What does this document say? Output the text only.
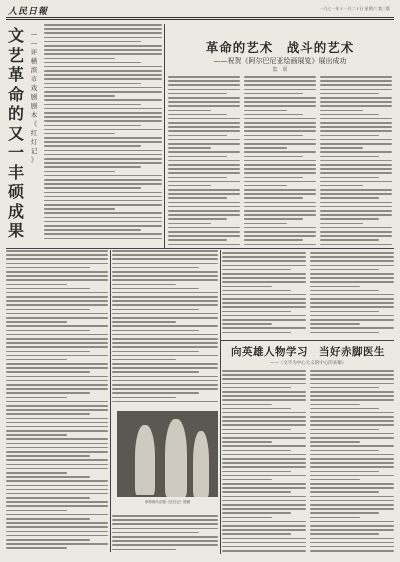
人民日報	一九七一年十一月二十日 星期六 第三版
文
艺
革
命
的
又
一
丰
硕
成
果
—
—
评
横
滨
市
戏
剧
剧
本
《
红
灯
记
》
革命的艺术　战斗的艺术
——祝贺《阿尔巴尼亚绘画展览》展出成功
集　训
向英雄人物学习　当好赤脚医生
——（文字为中心大义的中心的来稿）
革命现代京剧《红灯记》剧照
